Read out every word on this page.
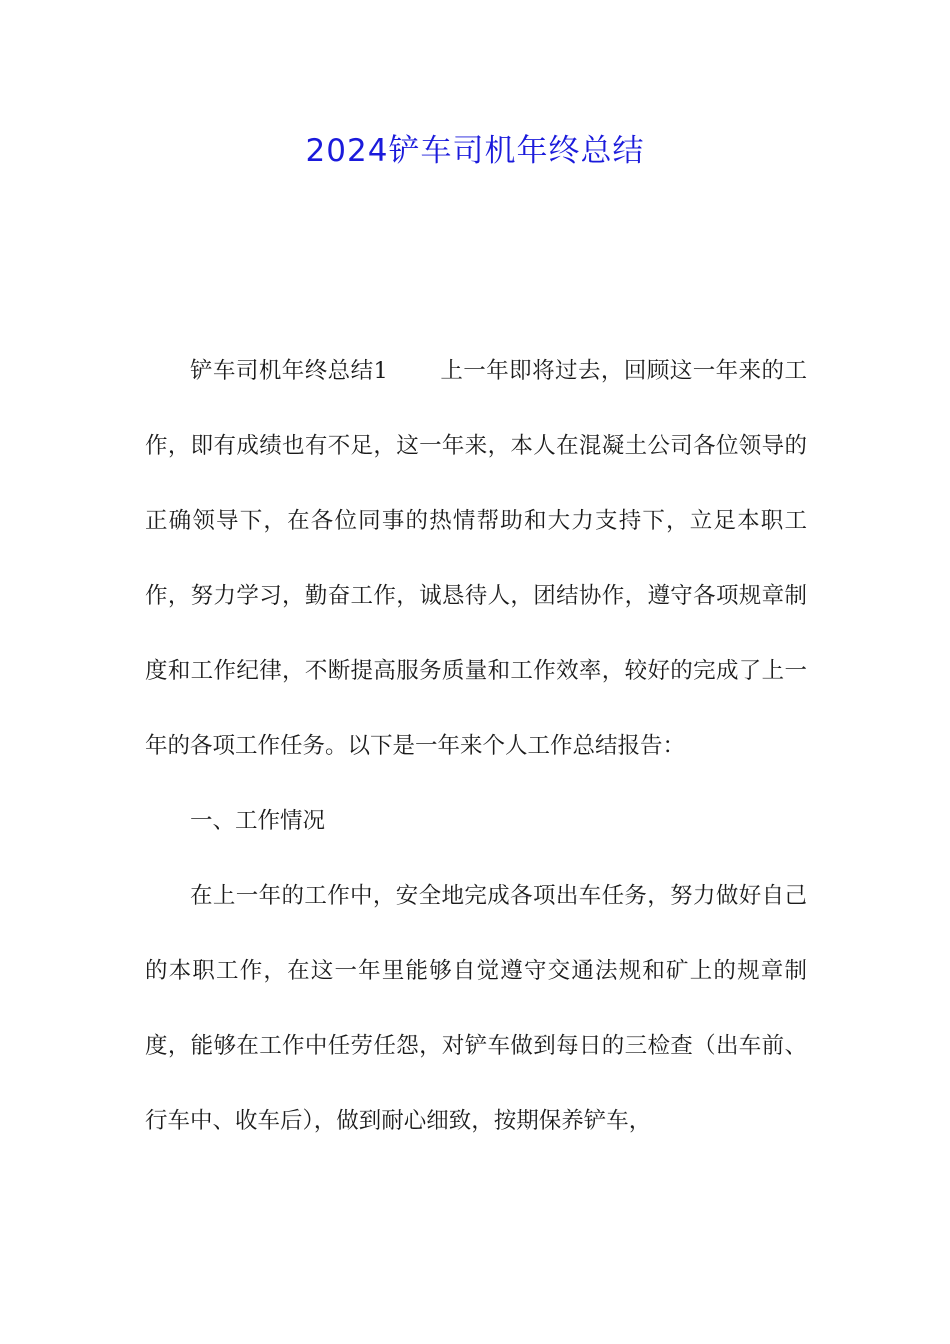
2024铲车司机年终总结

铲车司机年终总结1 上一年即将过去，回顾这一年来的工作，即有成绩也有不足，这一年来，本人在混凝土公司各位领导的正确领导下，在各位同事的热情帮助和大力支持下，立足本职工作，努力学习，勤奋工作，诚恳待人，团结协作，遵守各项规章制度和工作纪律，不断提高服务质量和工作效率，较好的完成了上一年的各项工作任务。以下是一年来个人工作总结报告：

一、工作情况

在上一年的工作中，安全地完成各项出车任务，努力做好自己的本职工作，在这一年里能够自觉遵守交通法规和矿上的规章制度，能够在工作中任劳任怨，对铲车做到每日的三检查（出车前、行车中、收车后），做到耐心细致，按期保养铲车，
